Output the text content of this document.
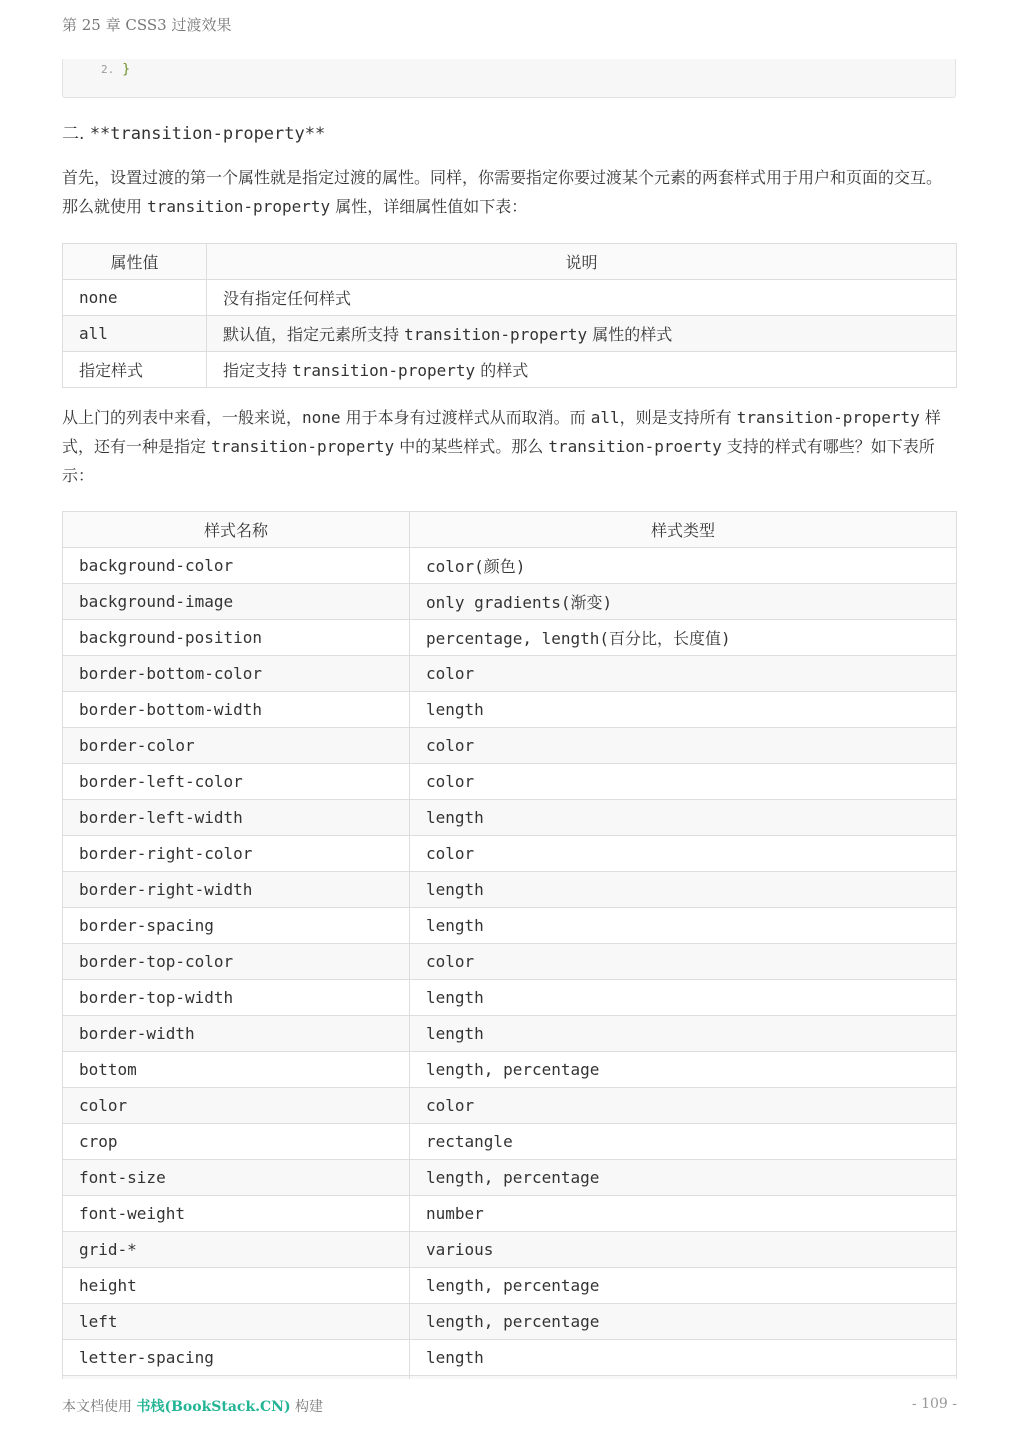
第 25 章 CSS3 过渡效果
2. }
二. **transition-property**
首先，设置过渡的第一个属性就是指定过渡的属性。同样，你需要指定你要过渡某个元素的两套样式用于用户和页面的交互。那么就使用 transition-property 属性，详细属性值如下表：
属性值	说明
none	没有指定任何样式
all	默认值，指定元素所支持 transition-property 属性的样式
指定样式	指定支持 transition-property 的样式
从上门的列表中来看，一般来说，none 用于本身有过渡样式从而取消。而 all，则是支持所有 transition-property 样式，还有一种是指定 transition-property 中的某些样式。那么 transition-proerty 支持的样式有哪些？如下表所示：
样式名称	样式类型
background-color	color(颜色)
background-image	only gradients(渐变)
background-position	percentage, length(百分比，长度值)
border-bottom-color	color
border-bottom-width	length
border-color	color
border-left-color	color
border-left-width	length
border-right-color	color
border-right-width	length
border-spacing	length
border-top-color	color
border-top-width	length
border-width	length
bottom	length, percentage
color	color
crop	rectangle
font-size	length, percentage
font-weight	number
grid-*	various
height	length, percentage
left	length, percentage
letter-spacing	length

本文档使用 书栈(BookStack.CN) 构建	- 109 -
